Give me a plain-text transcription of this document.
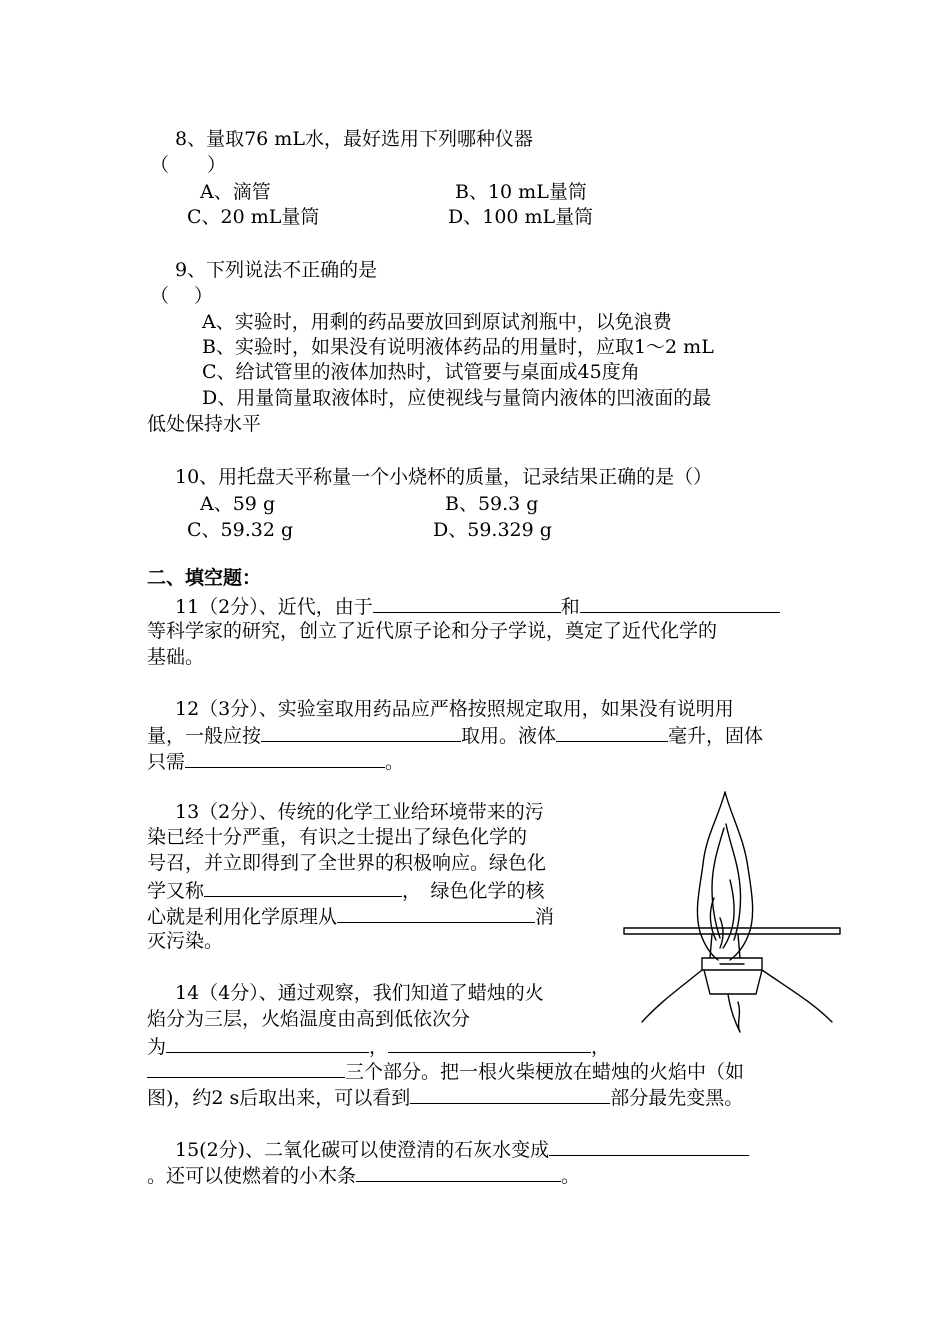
8、量取76 mL水，最好选用下列哪种仪器
（　　）
A、滴管	B、10 mL量筒
C、20 mL量筒	D、100 mL量筒
9、下列说法不正确的是
（　 ）
A、实验时，用剩的药品要放回到原试剂瓶中，以免浪费
B、实验时，如果没有说明液体药品的用量时，应取1～2 mL
C、给试管里的液体加热时，试管要与桌面成45度角
D、用量筒量取液体时，应使视线与量筒内液体的凹液面的最
低处保持水平
10、用托盘天平称量一个小烧杯的质量，记录结果正确的是（）
A、59 g	B、59.3 g
C、59.32 g	D、59.329 g
二、填空题：
11（2分）、近代，由于	和
等科学家的研究，创立了近代原子论和分子学说，奠定了近代化学的
基础。
12（3分）、实验室取用药品应严格按照规定取用，如果没有说明用
量，一般应按	取用。液体	毫升，固体
只需	。
13（2分）、传统的化学工业给环境带来的污
染已经十分严重，有识之士提出了绿色化学的
号召，并立即得到了全世界的积极响应。绿色化
学又称	，　绿色化学的核
心就是利用化学原理从	消
灭污染。
14（4分）、通过观察，我们知道了蜡烛的火
焰分为三层，火焰温度由高到低依次分
为	，	，
三个部分。把一根火柴梗放在蜡烛的火焰中（如
图)，约2 s后取出来，可以看到	部分最先变黑。
15(2分)、二氧化碳可以使澄清的石灰水变成
。还可以使燃着的小木条	。
